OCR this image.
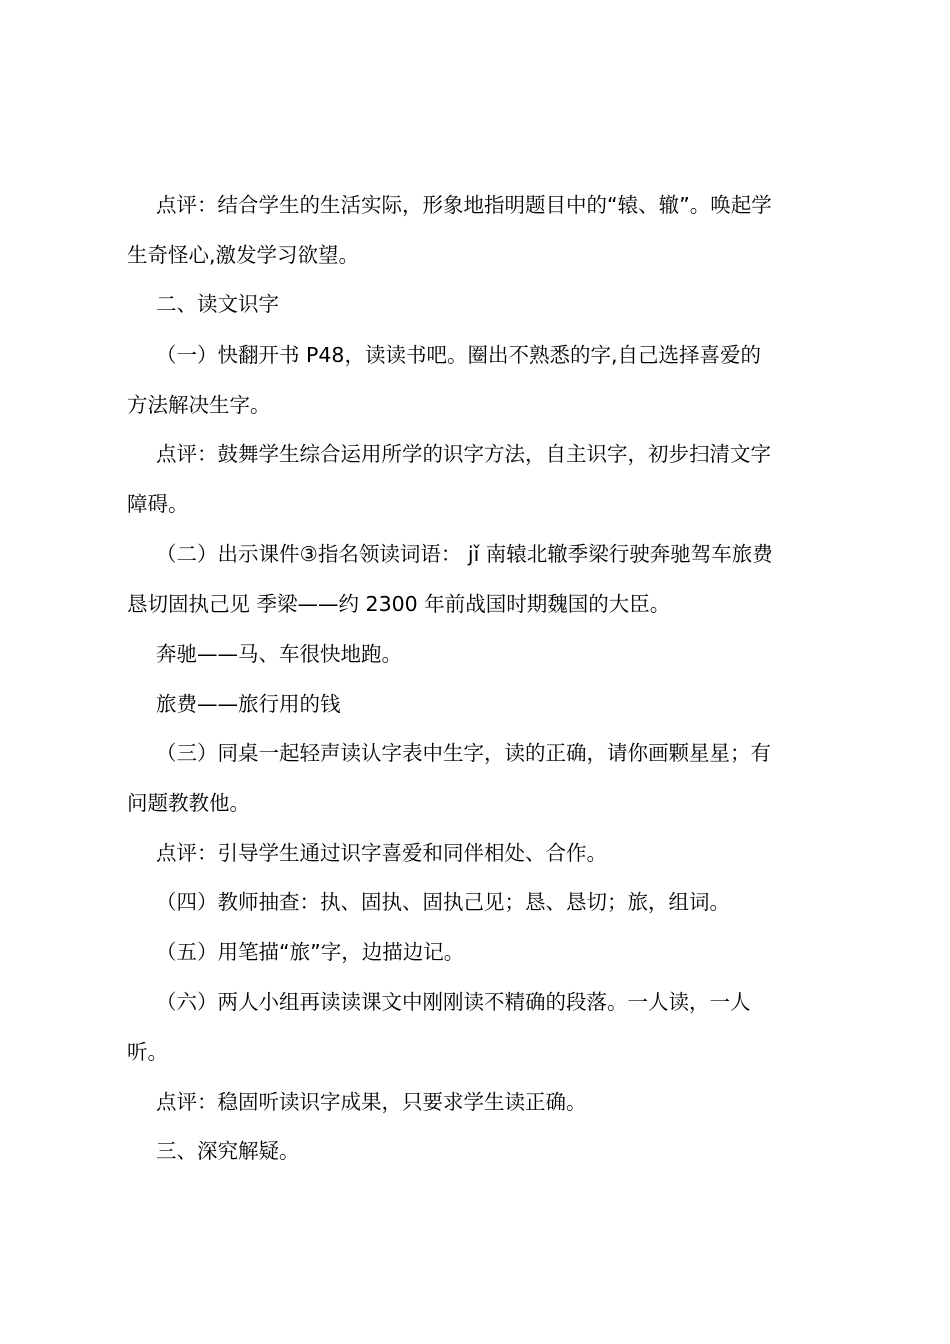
点评：结合学生的生活实际，形象地指明题目中的“辕、辙”。唤起学
生奇怪心,激发学习欲望。
二、读文识字
（一）快翻开书 P48，读读书吧。圈出不熟悉的字,自己选择喜爱的
方法解决生字。
点评：鼓舞学生综合运用所学的识字方法，自主识字，初步扫清文字
障碍。
（二）出示课件③指名领读词语： jǐ 南辕北辙季梁行驶奔驰驾车旅费
恳切固执己见 季梁——约 2300 年前战国时期魏国的大臣。
奔驰——马、车很快地跑。
旅费——旅行用的钱
（三）同桌一起轻声读认字表中生字，读的正确，请你画颗星星；有
问题教教他。
点评：引导学生通过识字喜爱和同伴相处、合作。
（四）教师抽查：执、固执、固执己见；恳、恳切；旅，组词。
（五）用笔描“旅”字，边描边记。
（六）两人小组再读读课文中刚刚读不精确的段落。一人读，一人
听。
点评：稳固听读识字成果，只要求学生读正确。
三、深究解疑。
